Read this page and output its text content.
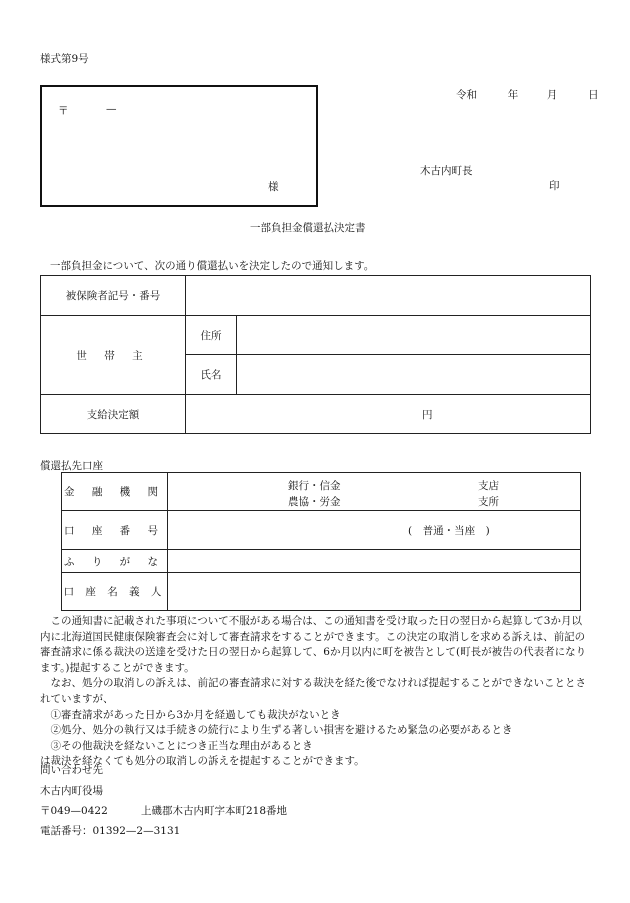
様式第9号
令和	年	月	日
〒	—
様
木古内町長
印
一部負担金償還払決定書
一部負担金について、次の通り償還払いを決定したので通知します。
被保険者記号・番号		
世 帯 主	住所	
	氏名	
支給決定額	円	
償還払先口座
金 融 機 関	銀行・信金
農協・労金
支店
支所

口 座 番 号	(　普通・当座　)
ふ り が な	
口 座 名 義 人	

　この通知書に記載された事項について不服がある場合は、この通知書を受け取った日の翌日から起算して3か月以内に北海道国民健康保険審査会に対して審査請求をすることができます。この決定の取消しを求める訴えは、前記の審査請求に係る裁決の送達を受けた日の翌日から起算して、6か月以内に町を被告として(町長が被告の代表者になります。)提起することができます。

　なお、処分の取消しの訴えは、前記の審査請求に対する裁決を経た後でなければ提起することができないこととされていますが、

　①審査請求があった日から3か月を経過しても裁決がないとき

　②処分、処分の執行又は手続きの続行により生ずる著しい損害を避けるため緊急の必要があるとき

　③その他裁決を経ないことにつき正当な理由があるとき

は裁決を経なくても処分の取消しの訴えを提起することができます。

問い合わせ先
木古内町役場
〒049—0422	上磯郡木古内町字本町218番地
電話番号：01392—2—3131
